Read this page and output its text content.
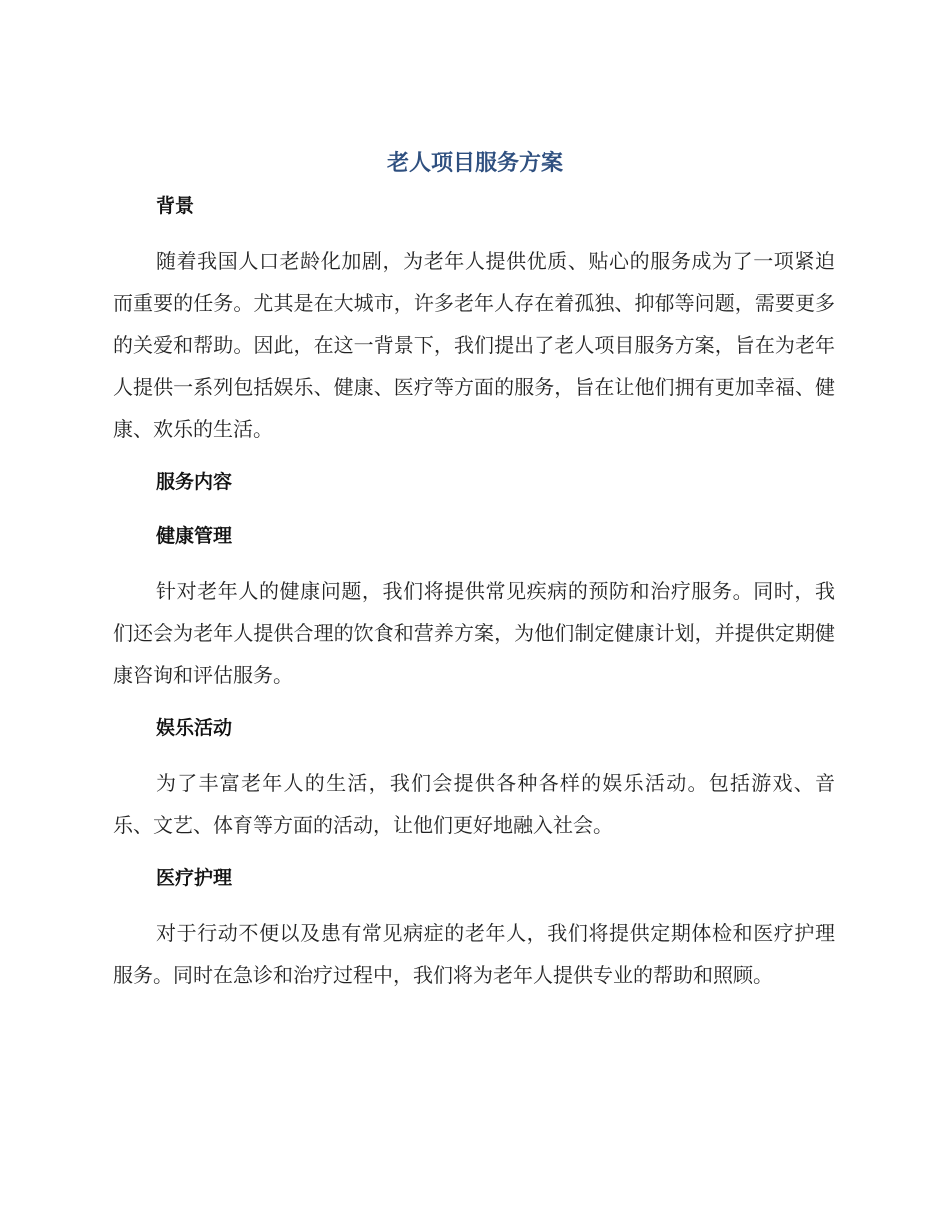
老人项目服务方案
背景

随着我国人口老龄化加剧，为老年人提供优质、贴心的服务成为了一项紧迫而重要的任务。尤其是在大城市，许多老年人存在着孤独、抑郁等问题，需要更多的关爱和帮助。因此，在这一背景下，我们提出了老人项目服务方案，旨在为老年人提供一系列包括娱乐、健康、医疗等方面的服务，旨在让他们拥有更加幸福、健康、欢乐的生活。

服务内容
健康管理

针对老年人的健康问题，我们将提供常见疾病的预防和治疗服务。同时，我们还会为老年人提供合理的饮食和营养方案，为他们制定健康计划，并提供定期健康咨询和评估服务。

娱乐活动

为了丰富老年人的生活，我们会提供各种各样的娱乐活动。包括游戏、音乐、文艺、体育等方面的活动，让他们更好地融入社会。

医疗护理

对于行动不便以及患有常见病症的老年人，我们将提供定期体检和医疗护理服务。同时在急诊和治疗过程中，我们将为老年人提供专业的帮助和照顾。
